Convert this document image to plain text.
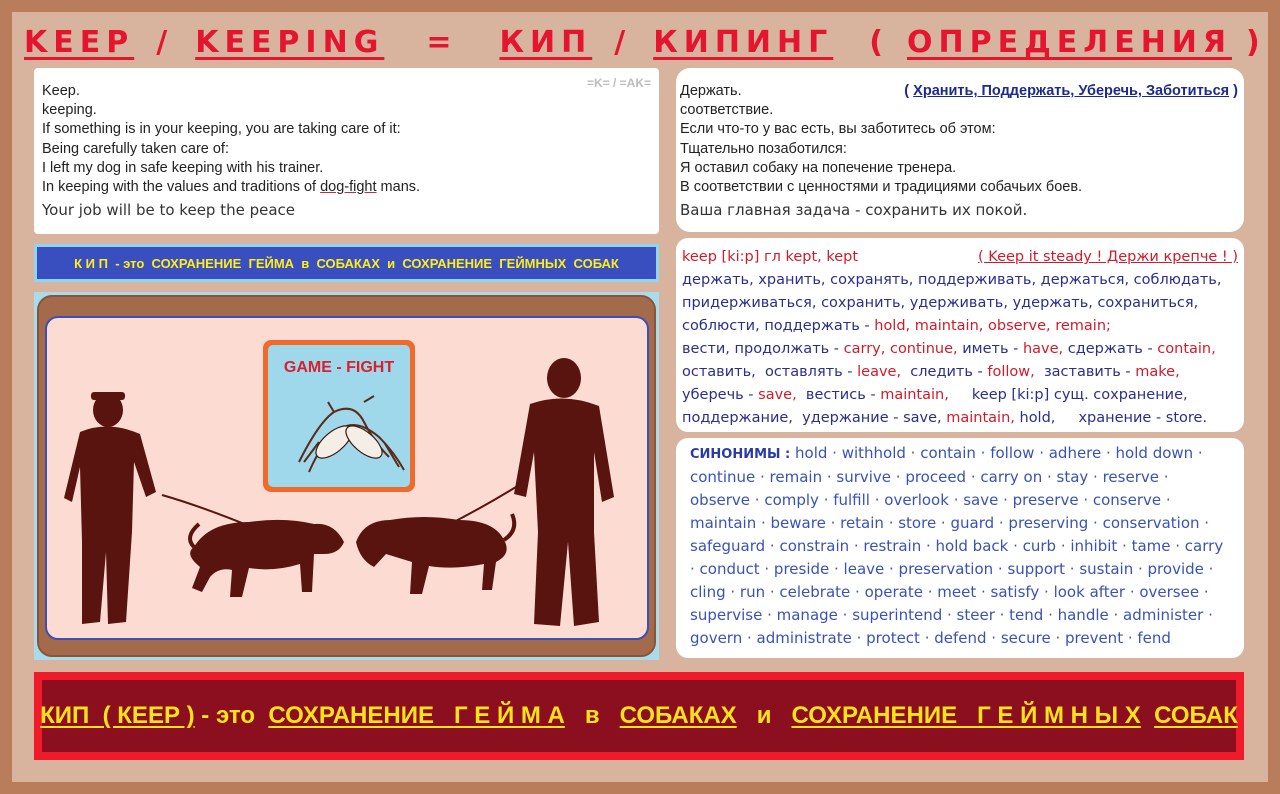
KEEP / KEEPING = КИП / КИПИНГ ( ОПРЕДЕЛЕНИЯ )
=K= / =AK=
Keep.
keeping.
If something is in your keeping, you are taking care of it:
Being carefully taken care of:
I left my dog in safe keeping with his trainer.
In keeping with the values and traditions of dog-fight mans.
Your job will be to keep the peace
Держать.	( Хранить, Поддержать, Уберечь, Заботиться )
соответствие.
Если что-то у вас есть, вы заботитесь об этом:
Тщательно позаботился:
Я оставил собаку на попечение тренера.
В соответствии с ценностями и традициями собачьих боев.
Ваша главная задача - сохранить их покой.
К И П  - это  СОХРАНЕНИЕ  ГЕЙМА  в  СОБАКАХ  и  СОХРАНЕНИЕ  ГЕЙМНЫХ  СОБАК
GAME - FIGHT
keep [ki:p] гл kept, kept	( Keep it steady ! Держи крепче ! )
держать, хранить, сохранять, поддерживать, держаться, соблюдать,
придерживаться, сохранить, удерживать, удержать, сохраниться,
соблюсти, поддержать - hold, maintain, observe, remain;
вести, продолжать - carry, continue, иметь - have, сдержать - contain,
оставить,  оставлять - leave,  следить - follow,  заставить - make,
уберечь - save,  вестись - maintain,     keep [ki:p] сущ. сохранение,
поддержание,  удержание - save, maintain, hold,     хранение - store.
СИНОНИМЫ : hold · withhold · contain · follow · adhere · hold down · continue · remain · survive · proceed · carry on · stay · reserve · observe · comply · fulfill · overlook · save · preserve · conserve · maintain · beware · retain · store · guard · preserving · conservation · safeguard · constrain · restrain · hold back · curb · inhibit · tame · carry · conduct · preside · leave · preservation · support · sustain · provide · cling · run · celebrate · operate · meet · satisfy · look after · oversee · supervise · manage · superintend · steer · tend · handle · administer · govern · administrate · protect · defend · secure · prevent · fend
КИП  ( КЕЕР ) - это СОХРАНЕНИЕ   Г Е Й М А в СОБАКАХ и СОХРАНЕНИЕ   Г Е Й М Н Ы Х
СОБАК
